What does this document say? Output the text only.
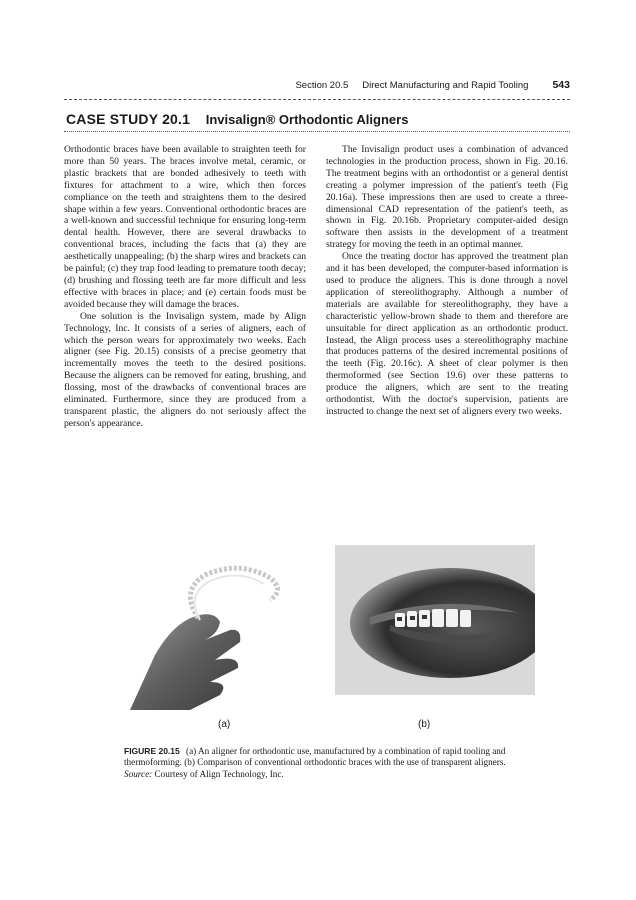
Section 20.5 Direct Manufacturing and Rapid Tooling 543
CASE STUDY 20.1 Invisalign® Orthodontic Aligners

Orthodontic braces have been available to straighten teeth for more than 50 years. The braces involve metal, ceramic, or plastic brackets that are bonded adhesively to teeth with fixtures for attachment to a wire, which then forces compliance on the teeth and straightens them to the desired shape within a few years. Conventional orthodontic braces are a well-known and successful technique for ensuring long-term dental health. However, there are several drawbacks to conventional braces, including the facts that (a) they are aesthetically unappealing; (b) the sharp wires and brackets can be painful; (c) they trap food leading to premature tooth decay; (d) brushing and flossing teeth are far more difficult and less effective with braces in place; and (e) certain foods must be avoided because they will damage the braces.

One solution is the Invisalign system, made by Align Technology, Inc. It consists of a series of aligners, each of which the person wears for approximately two weeks. Each aligner (see Fig. 20.15) consists of a precise geometry that incrementally moves the teeth to the desired positions. Because the aligners can be removed for eating, brushing, and flossing, most of the drawbacks of conventional braces are eliminated. Furthermore, since they are produced from a transparent plastic, the aligners do not seriously affect the person's appearance.

The Invisalign product uses a combination of advanced technologies in the production process, shown in Fig. 20.16. The treatment begins with an orthodontist or a general dentist creating a polymer impression of the patient's teeth (Fig 20.16a). These impressions then are used to create a three-dimensional CAD representation of the patient's teeth, as shown in Fig. 20.16b. Proprietary computer-aided design software then assists in the development of a treatment strategy for moving the teeth in an optimal manner.

Once the treating doctor has approved the treatment plan and it has been developed, the computer-based information is used to produce the aligners. This is done through a novel application of stereolithography. Although a number of materials are available for stereolithography, they have a characteristic yellow-brown shade to them and therefore are unsuitable for direct application as an orthodontic product. Instead, the Align process uses a stereolithography machine that produces patterns of the desired incremental positions of the teeth (Fig. 20.16c). A sheet of clear polymer is then thermoformed (see Section 19.6) over these patterns to produce the aligners, which are sent to the treating orthodontist. With the doctor's supervision, patients are instructed to change the next set of aligners every two weeks.

(a)	(b)
FIGURE 20.15 (a) An aligner for orthodontic use, manufactured by a combination of rapid tooling and thermoforming. (b) Comparison of conventional orthodontic braces with the use of transparent aligners. Source: Courtesy of Align Technology, Inc.
